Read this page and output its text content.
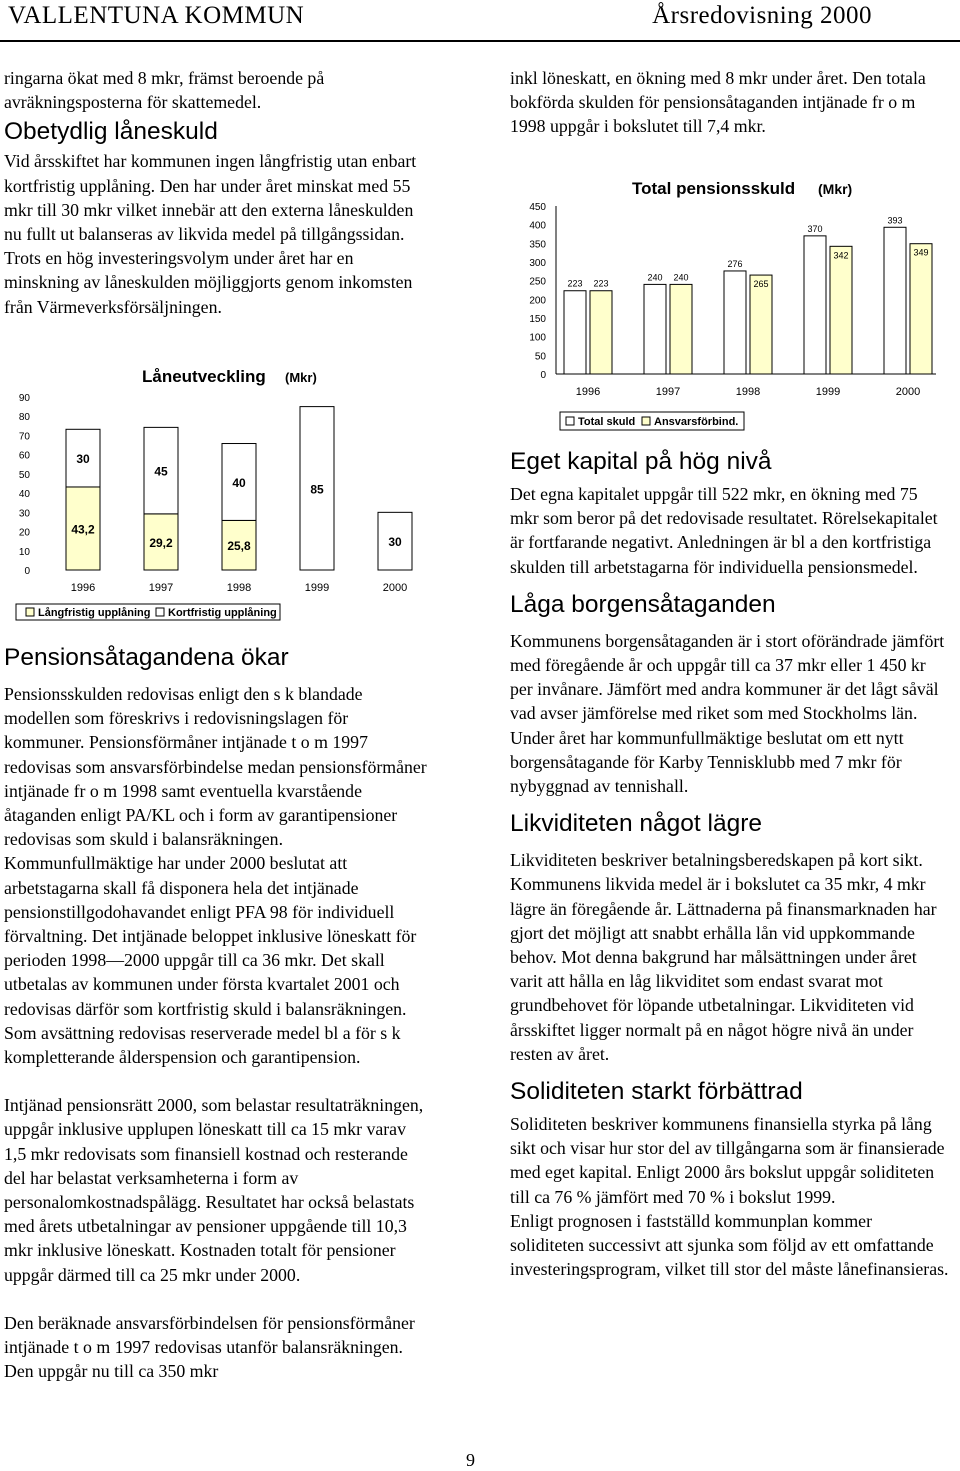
VALLENTUNA KOMMUN	Årsredovisning 2000

ringarna ökat med 8 mkr, främst beroende på avräkningsposterna för skattemedel.

Obetydlig låneskuld

Vid årsskiftet har kommunen ingen långfristig utan enbart kortfristig upplåning. Den har under året minskat med 55 mkr till 30 mkr vilket innebär att den externa låneskulden nu fullt ut balanseras av likvida medel på tillgångssidan. Trots en hög investeringsvolym under året har en minskning av låneskulden möjliggjorts genom inkomsten från Värmeverksförsäljningen.

Låneutveckling (Mkr)
0
10
20
30
40
50
60
70
80
90
43,2
30
1996
29,2
45
1997
25,8
40
1998
85
1999
30
2000
Långfristig upplåning Kortfristig upplåning
Pensionsåtagandena ökar

Pensionsskulden redovisas enligt den s k blandade modellen som föreskrivs i redovisningslagen för kommuner. Pensionsförmåner intjänade t o m 1997 redovisas som ansvarsförbindelse medan pensionsförmåner intjänade fr o m 1998 samt eventuella kvarstående åtaganden enligt PA/KL och i form av garantipensioner redovisas som skuld i balansräkningen. Kommunfullmäktige har under 2000 beslutat att arbetstagarna skall få disponera hela det intjänade pensionstillgodohavandet enligt PFA 98 för individuell förvaltning. Det intjänade beloppet inklusive löneskatt för perioden 1998—2000 uppgår till ca 36 mkr. Det skall utbetalas av kommunen under första kvartalet 2001 och redovisas därför som kortfristig skuld i balansräkningen. Som avsättning redovisas reserverade medel bl a för s k kompletterande ålderspension och garantipension.

Intjänad pensionsrätt 2000, som belastar resultaträkningen, uppgår inklusive upplupen löneskatt till ca 15 mkr varav 1,5 mkr redovisats som finansiell kostnad och resterande del har belastat verksamheterna i form av personalomkostnadspålägg. Resultatet har också belastats med årets utbetalningar av pensioner uppgående till 10,3 mkr inklusive löneskatt. Kostnaden totalt för pensioner uppgår därmed till ca 25 mkr under 2000.

Den beräknade ansvarsförbindelsen för pensionsförmåner intjänade t o m 1997 redovisas utanför balansräkningen. Den uppgår nu till ca 350 mkr

inkl löneskatt, en ökning med 8 mkr under året. Den totala bokförda skulden för pensionsåtaganden intjänade fr o m 1998 uppgår i bokslutet till 7,4 mkr.

Total pensionsskuld (Mkr)
0
50
100
150
200
250
300
350
400
450
223 223
1996
240 240
1997
276
265
1998
370
342
1999
393
349
2000
Total skuld Ansvarsförbind.
Eget kapital på hög nivå

Det egna kapitalet uppgår till 522 mkr, en ökning med 75 mkr som beror på det redovisade resultatet. Rörelsekapitalet är fortfarande negativt. Anledningen är bl a den kortfristiga skulden till arbetstagarna för individuella pensionsmedel.

Låga borgensåtaganden

Kommunens borgensåtaganden är i stort oförändrade jämfört med föregående år och uppgår till ca 37 mkr eller 1 450 kr per invånare. Jämfört med andra kommuner är det lågt såväl vad avser jämförelse med riket som med Stockholms län. Under året har kommunfullmäktige beslutat om ett nytt borgensåtagande för Karby Tennisklubb med 7 mkr för nybyggnad av tennishall.

Likviditeten något lägre

Likviditeten beskriver betalningsberedskapen på kort sikt. Kommunens likvida medel är i bokslutet ca 35 mkr, 4 mkr lägre än föregående år. Lättnaderna på finansmarknaden har gjort det möjligt att snabbt erhålla lån vid uppkommande behov. Mot denna bakgrund har målsättningen under året varit att hålla en låg likviditet som endast svarat mot grundbehovet för löpande utbetalningar. Likviditeten vid årsskiftet ligger normalt på en något högre nivå än under resten av året.

Soliditeten starkt förbättrad

Soliditeten beskriver kommunens finansiella styrka på lång sikt och visar hur stor del av tillgångarna som är finansierade med eget kapital. Enligt 2000 års bokslut uppgår soliditeten till ca 76 % jämfört med 70 % i bokslut 1999.

Enligt prognosen i fastställd kommunplan kommer soliditeten successivt att sjunka som följd av ett omfattande investeringsprogram, vilket till stor del måste lånefinansieras.

9
